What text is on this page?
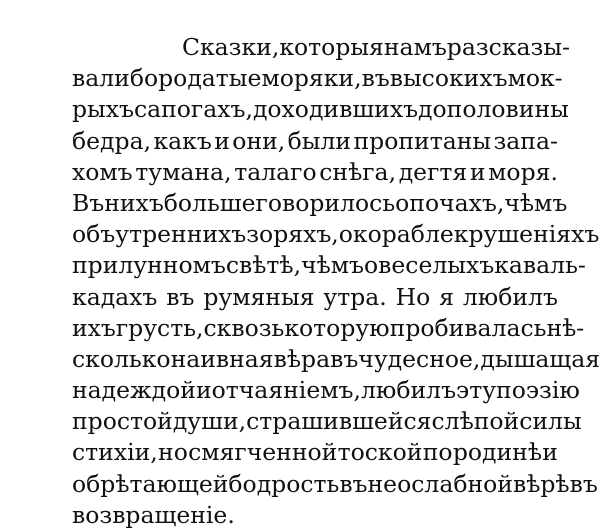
Сказки, которыя намъ разсказы-
вали бородатые моряки, въ высокихъ мок-
рыхъ сапогахъ, доходившихъ до половины
бедра, какъ и они, были пропитаны запа-
хомъ тумана, талаго снѣга, дегтя и моря.
Въ нихъ больше говорилось о почахъ, чѣмъ
объ утреннихъ зоряхъ, о кораблекрушеніяхъ
при лунномъ свѣтѣ, чѣмъ о веселыхъ каваль-
кадахъ въ румяныя утра. Но я любилъ
ихъ грусть, сквозь которую пробивалась нѣ-
сколько наивная вѣра въ чудесное, дышащая
надеждой и отчаяніемъ, любилъ эту поэзію
простой души, страшившейся слѣпой силы
стихіи, но смягченной тоской по родинѣ и
обрѣтающей бодрость въ неослабной вѣрѣ въ
возвращеніе.
